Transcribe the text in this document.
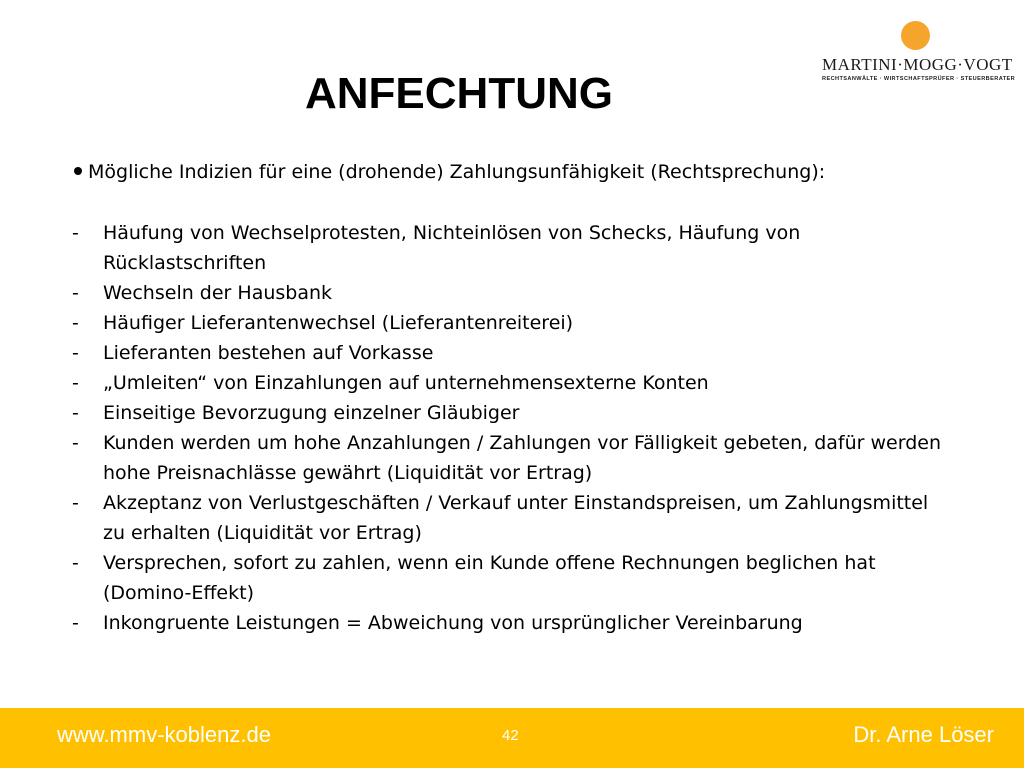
MARTINI·MOGG·VOGT
RECHTSANWÄLTE · WIRTSCHAFTSPRÜFER · STEUERBERATER
ANFECHTUNG

Mögliche Indizien für eine (drohende) Zahlungsunfähigkeit (Rechtsprechung):

- Häufung von Wechselprotesten, Nichteinlösen von Schecks, Häufung von Rücklastschriften
- Wechseln der Hausbank
- Häufiger Lieferantenwechsel (Lieferantenreiterei)
- Lieferanten bestehen auf Vorkasse
- „Umleiten“ von Einzahlungen auf unternehmensexterne Konten
- Einseitige Bevorzugung einzelner Gläubiger
- Kunden werden um hohe Anzahlungen / Zahlungen vor Fälligkeit gebeten, dafür werden hohe Preisnachlässe gewährt (Liquidität vor Ertrag)
- Akzeptanz von Verlustgeschäften / Verkauf unter Einstandspreisen, um Zahlungsmittel zu erhalten (Liquidität vor Ertrag)
- Versprechen, sofort zu zahlen, wenn ein Kunde offene Rechnungen beglichen hat (Domino-Effekt)
- Inkongruente Leistungen = Abweichung von ursprünglicher Vereinbarung
www.mmv-koblenz.de	42	Dr. Arne Löser
